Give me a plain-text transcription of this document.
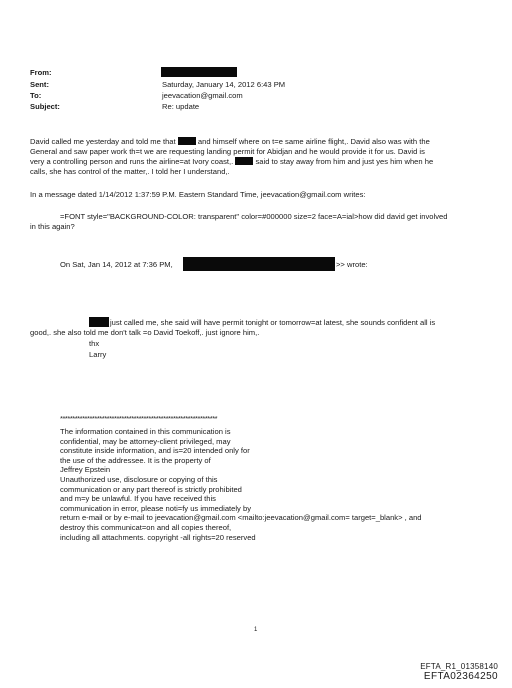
From:
Sent:	Saturday, January 14, 2012 6:43 PM
To:	jeevacation@gmail.com
Subject:	Re: update
David called me yesterday and told me that	and himself where on t=e same airline flight,. David also was with the
General and saw paper work th=t we are requesting landing permit for Abidjan and he would provide it for us. David is
very a controlling person and runs the airline=at Ivory coast,.	said to stay away from him and just yes him when he
calls, she has control of the matter,. I told her I understand,.
In a message dated 1/14/2012 1:37:59 P.M. Eastern Standard Time, jeevacation@gmail.com writes:
=FONT style="BACKGROUND-COLOR: transparent" color=#000000 size=2 face=A=ial>how did david get involved
in this again?
On Sat, Jan 14, 2012 at 7:36 PM,	>> wrote:
just called me, she said will have permit tonight or tomorrow=at latest, she sounds confident all is
good,. she also told me don't talk =o David Toekoff,. just ignore him,.
thx
Larry
****************************************************************
The information contained in this communication is
confidential, may be attorney-client privileged, may
constitute inside information, and is=20 intended only for
the use of the addressee. It is the property of
Jeffrey Epstein
Unauthorized use, disclosure or copying of this
communication or any part thereof is strictly prohibited
and m=y be unlawful. If you have received this
communication in error, please noti=fy us immediately by
return e-mail or by e-mail to jeevacation@gmail.com <mailto:jeevacation@gmail.com= target=_blank> , and
destroy this communicat=on and all copies thereof,
including all attachments. copyright -all rights=20 reserved
1
EFTA_R1_01358140
EFTA02364250
